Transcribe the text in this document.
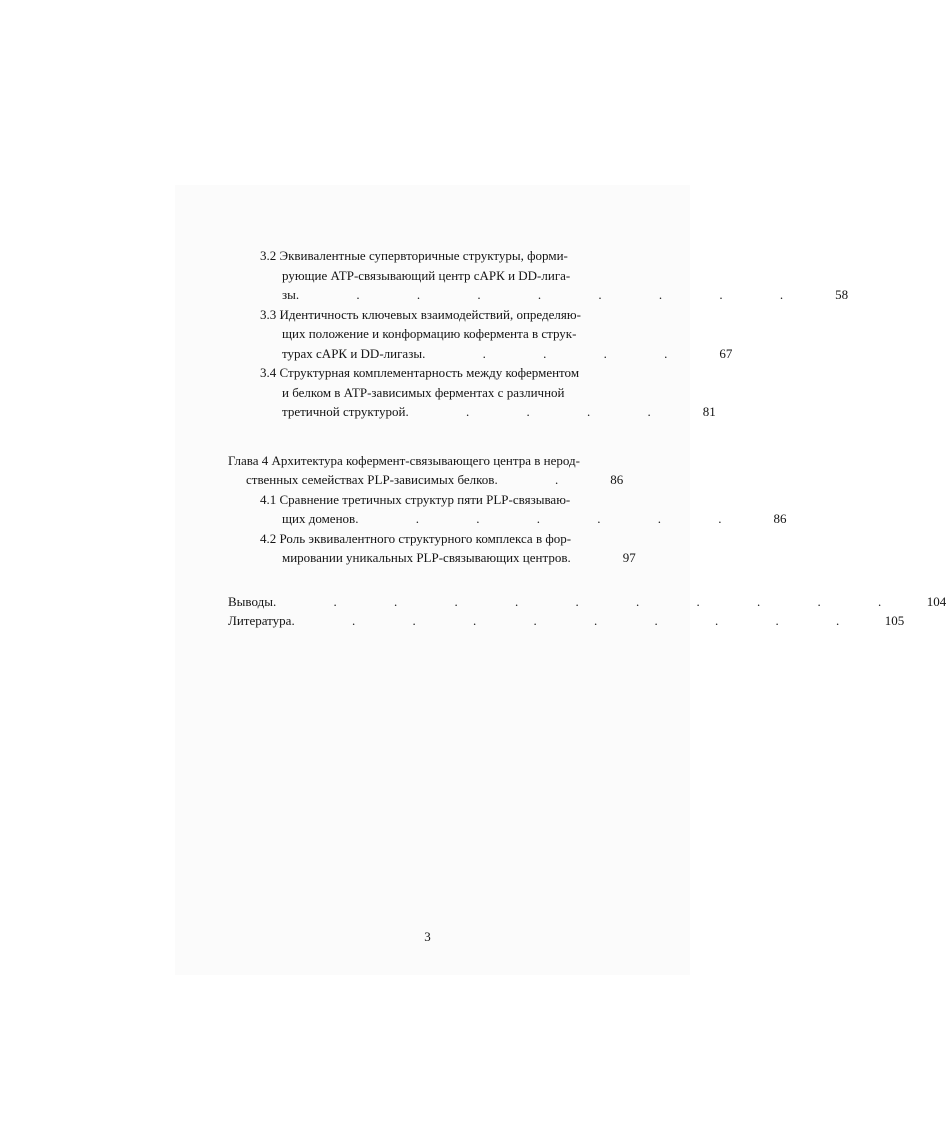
3.2 Эквивалентные супервторичные структуры, форми-
рующие АТР-связывающий центр сАРК и DD-лига-
зы . . . . . . . . .	58
3.3 Идентичность ключевых взаимодействий, определяю-
щих положение и конформацию кофермента в струк-
турах сАРК и DD-лигазы . . . . .	67
3.4 Структурная комплементарность между коферментом
и белком в АТР-зависимых ферментах с различной
третичной структурой . . . . .	81
Глава 4 Архитектура кофермент-связывающего центра в нерод-
ственных семействах PLP-зависимых белков . .	86
4.1 Сравнение третичных структур пяти PLP-связываю-
щих доменов . . . . . . .	86
4.2 Роль эквивалентного структурного комплекса в фор-
мировании уникальных PLP-связывающих центров .	97
Выводы . . . . . . . . . . .	104
Литература . . . . . . . . . .	105
3
